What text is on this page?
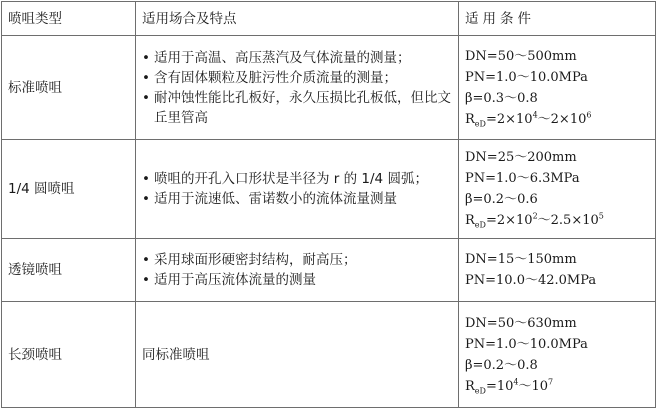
喷咀类型	适用场合及特点	适用条件
标准喷咀	• 适用于高温、高压蒸汽及气体流量的测量；
• 含有固体颗粒及脏污性介质流量的测量；
• 耐冲蚀性能比孔板好，永久压损比孔板低，但比文丘里管高	DN=50～500mm
PN=1.0～10.0MPa
β=0.3～0.8
$R_{eD}=2\times 10^4\sim 2\times 10^6$

1/4 圆喷咀	• 喷咀的开孔入口形状是半径为 r 的 1/4 圆弧；
• 适用于流速低、雷诺数小的流体流量测量	DN=25～200mm
PN=1.0～6.3MPa
β=0.2～0.6
$R_{eD}=2\times 10^2\sim 2.5\times 10^5$

透镜喷咀	• 采用球面形硬密封结构，耐高压；
• 适用于高压流体流量的测量	DN=15～150mm
PN=10.0～42.0MPa

长颈喷咀	同标准喷咀	DN=50～630mm
PN=1.0～10.0MPa
β=0.2～0.8
$R_{eD}=10^4\sim 10^7$
